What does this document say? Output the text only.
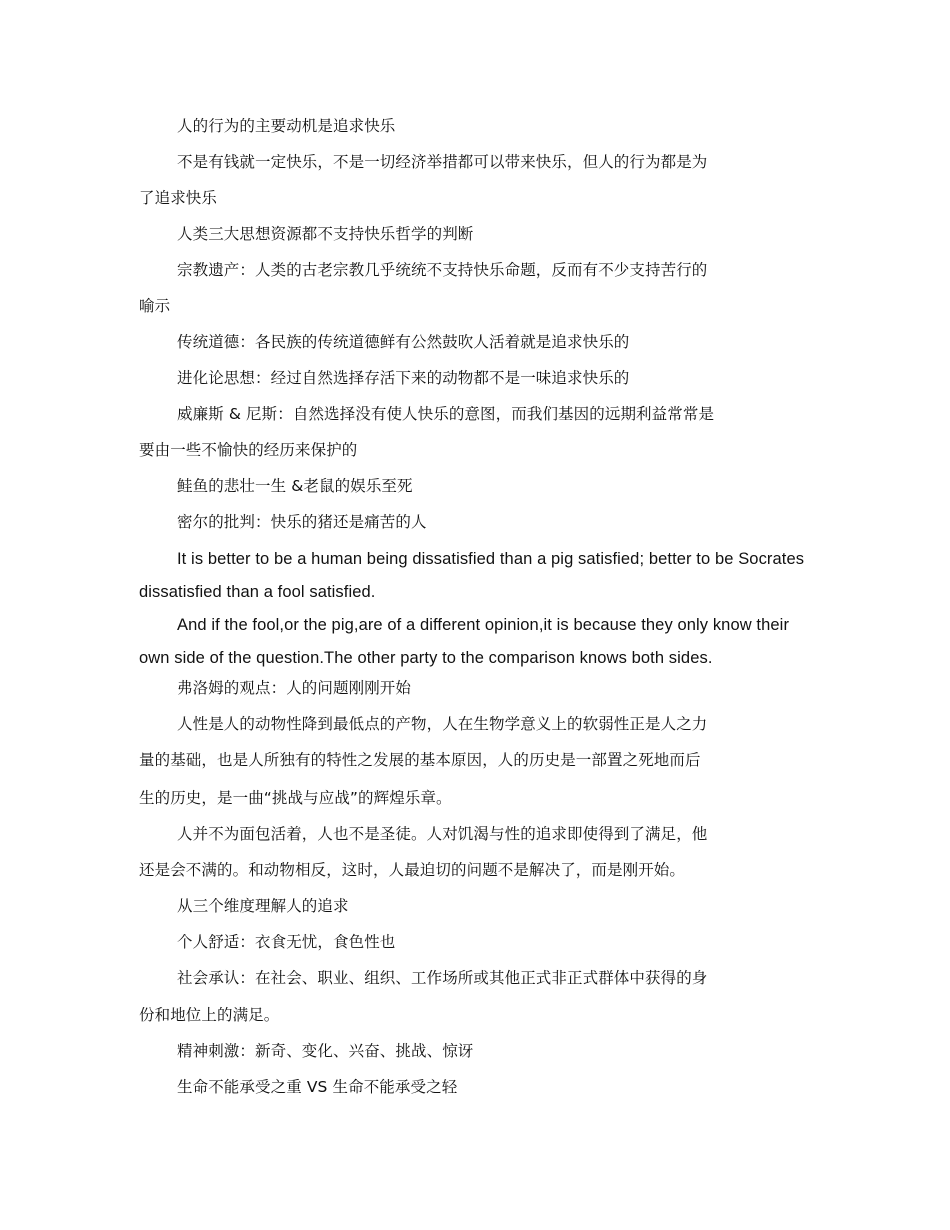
人的行为的主要动机是追求快乐
不是有钱就一定快乐，不是一切经济举措都可以带来快乐，但人的行为都是为
了追求快乐
人类三大思想资源都不支持快乐哲学的判断
宗教遗产：人类的古老宗教几乎统统不支持快乐命题，反而有不少支持苦行的
喻示
传统道德：各民族的传统道德鲜有公然鼓吹人活着就是追求快乐的
进化论思想：经过自然选择存活下来的动物都不是一味追求快乐的
威廉斯 & 尼斯：自然选择没有使人快乐的意图，而我们基因的远期利益常常是
要由一些不愉快的经历来保护的
鲑鱼的悲壮一生 &老鼠的娱乐至死
密尔的批判：快乐的猪还是痛苦的人
It is better to be a human being dissatisfied than a pig satisfied; better to be Socrates
dissatisfied than a fool satisfied.
And if the fool,or the pig,are of a different opinion,it is because they only know their
own side of the question.The other party to the comparison knows both sides.
弗洛姆的观点：人的问题刚刚开始
人性是人的动物性降到最低点的产物，人在生物学意义上的软弱性正是人之力
量的基础，也是人所独有的特性之发展的基本原因，人的历史是一部置之死地而后
生的历史，是一曲“挑战与应战”的辉煌乐章。
人并不为面包活着，人也不是圣徒。人对饥渴与性的追求即使得到了满足，他
还是会不满的。和动物相反，这时，人最迫切的问题不是解决了，而是刚开始。
从三个维度理解人的追求
个人舒适：衣食无忧，食色性也
社会承认：在社会、职业、组织、工作场所或其他正式非正式群体中获得的身
份和地位上的满足。
精神刺激：新奇、变化、兴奋、挑战、惊讶
生命不能承受之重 VS 生命不能承受之轻
